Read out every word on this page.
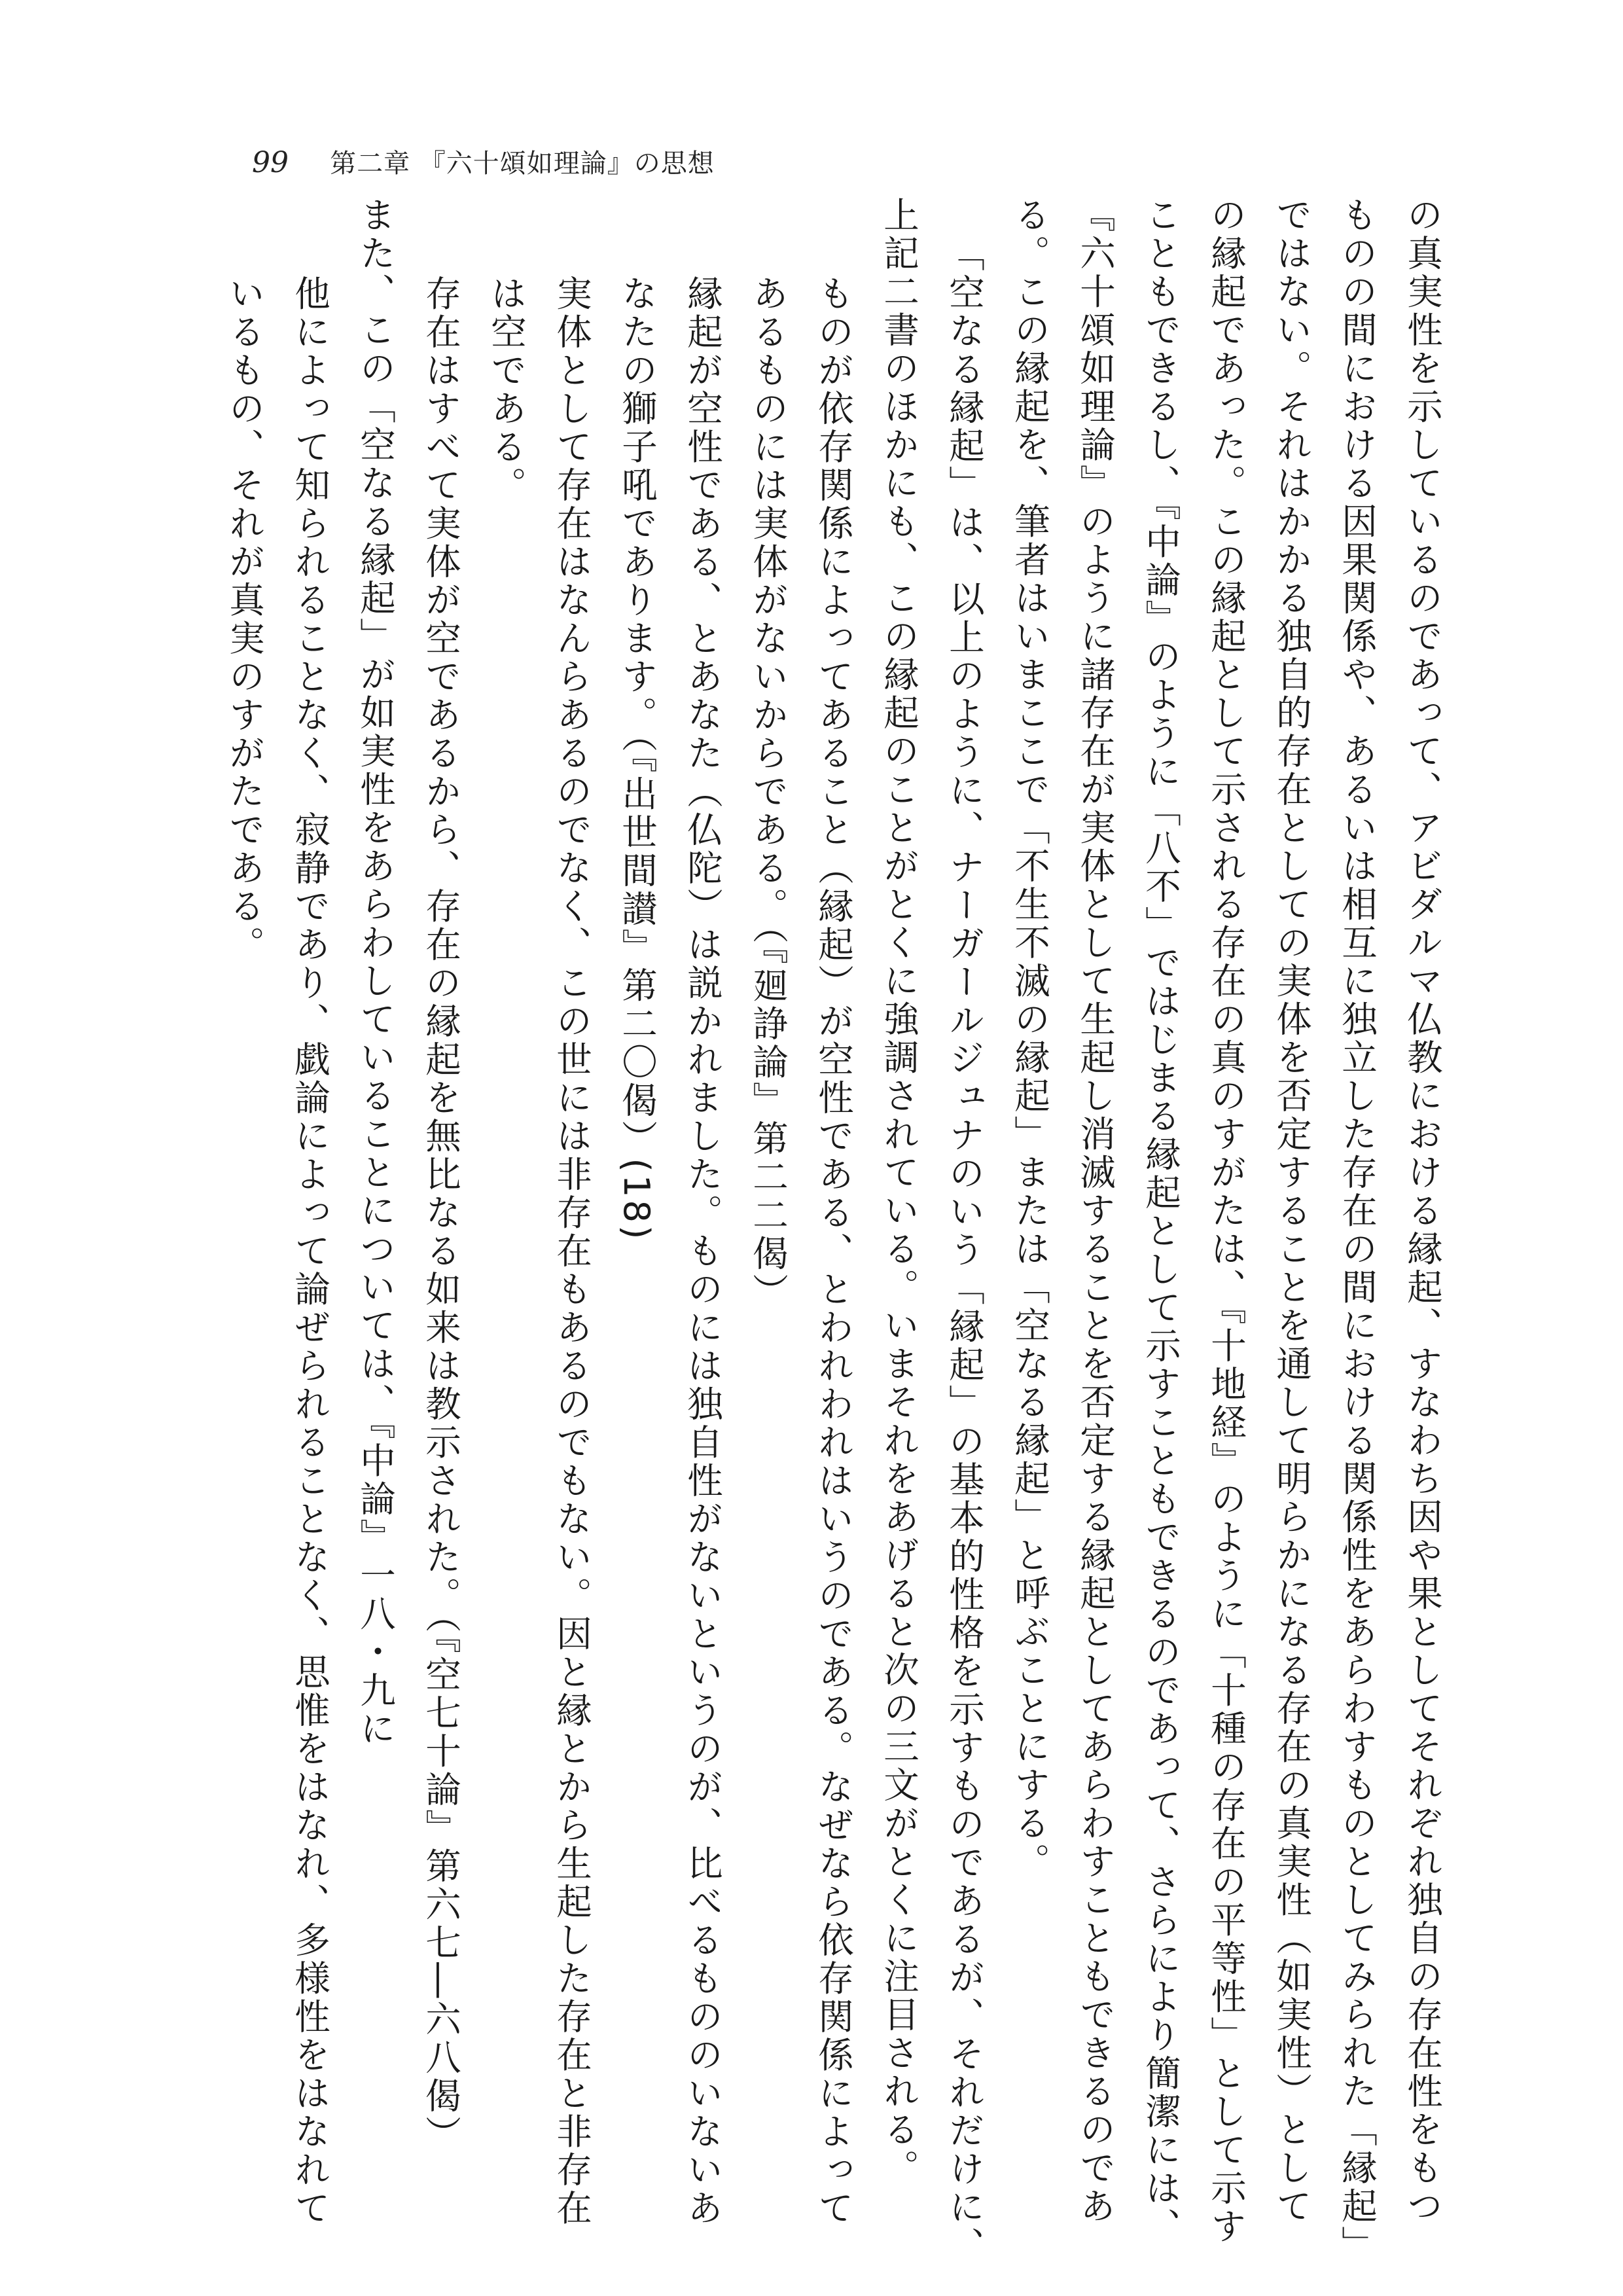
99 第二章 『六十頌如理論』の思想
の真実性を示しているのであって、アビダルマ仏教における縁起、すなわち因や果としてそれぞれ独自の存在性をもつ
ものの間における因果関係や、あるいは相互に独立した存在の間における関係性をあらわすものとしてみられた「縁起」
ではない。それはかかる独自的存在としての実体を否定することを通して明らかになる存在の真実性（如実性）として
の縁起であった。この縁起として示される存在の真のすがたは、『十地経』のように「十種の存在の平等性」として示す
こともできるし、『中論』のように「八不」ではじまる縁起として示すこともできるのであって、さらにより簡潔には、
『六十頌如理論』のように諸存在が実体として生起し消滅することを否定する縁起としてあらわすこともできるのであ
る。この縁起を、筆者はいまここで「不生不滅の縁起」または「空なる縁起」と呼ぶことにする。
「空なる縁起」は、以上のように、ナーガールジュナのいう「縁起」の基本的性格を示すものであるが、それだけに、
上記二書のほかにも、この縁起のことがとくに強調されている。いまそれをあげると次の三文がとくに注目される。
ものが依存関係によってあること（縁起）が空性である、とわれわれはいうのである。なぜなら依存関係によって
あるものには実体がないからである。（『廻諍論』第二二偈）
縁起が空性である、とあなた（仏陀）は説かれました。ものには独自性がないというのが、比べるもののいないあ
なたの獅子吼であります。（『出世間讃』第二〇偈）(18)
実体として存在はなんらあるのでなく、この世には非存在もあるのでもない。因と縁とから生起した存在と非存在
は空である。
存在はすべて実体が空であるから、存在の縁起を無比なる如来は教示された。（『空七十論』第六七―六八偈）
また、この「空なる縁起」が如実性をあらわしていることについては、『中論』一八・九に
他によって知られることなく、寂静であり、戯論によって論ぜられることなく、思惟をはなれ、多様性をはなれて
いるもの、それが真実のすがたである。
